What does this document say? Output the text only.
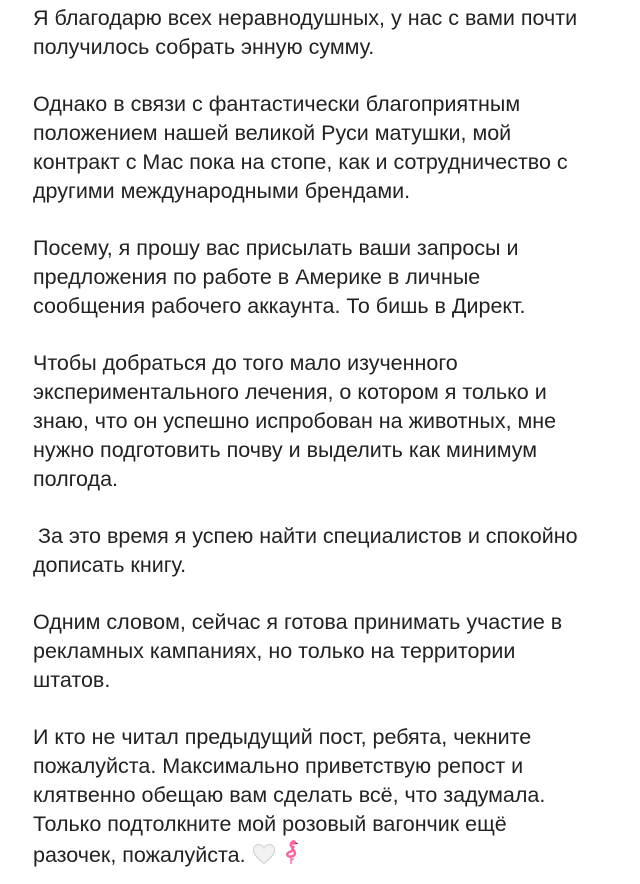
Я благодарю всех неравнодушных, у нас с вами почти
получилось собрать энную сумму.

Однако в связи с фантастически благоприятным
положением нашей великой Руси матушки, мой
контракт с Мас пока на стопе, как и сотрудничество с
другими международными брендами.

Посему, я прошу вас присылать ваши запросы и
предложения по работе в Америке в личные
сообщения рабочего аккаунта. То бишь в Директ.

Чтобы добраться до того мало изученного
экспериментального лечения, о котором я только и
знаю, что он успешно испробован на животных, мне
нужно подготовить почву и выделить как минимум
полгода.

За это время я успею найти специалистов и спокойно
дописать книгу.

Одним словом, сейчас я готова принимать участие в
рекламных кампаниях, но только на территории
штатов.

И кто не читал предыдущий пост, ребята, чекните
пожалуйста. Максимально приветствую репост и
клятвенно обещаю вам сделать всё, что задумала.
Только подтолкните мой розовый вагончик ещё
разочек, пожалуйста.
